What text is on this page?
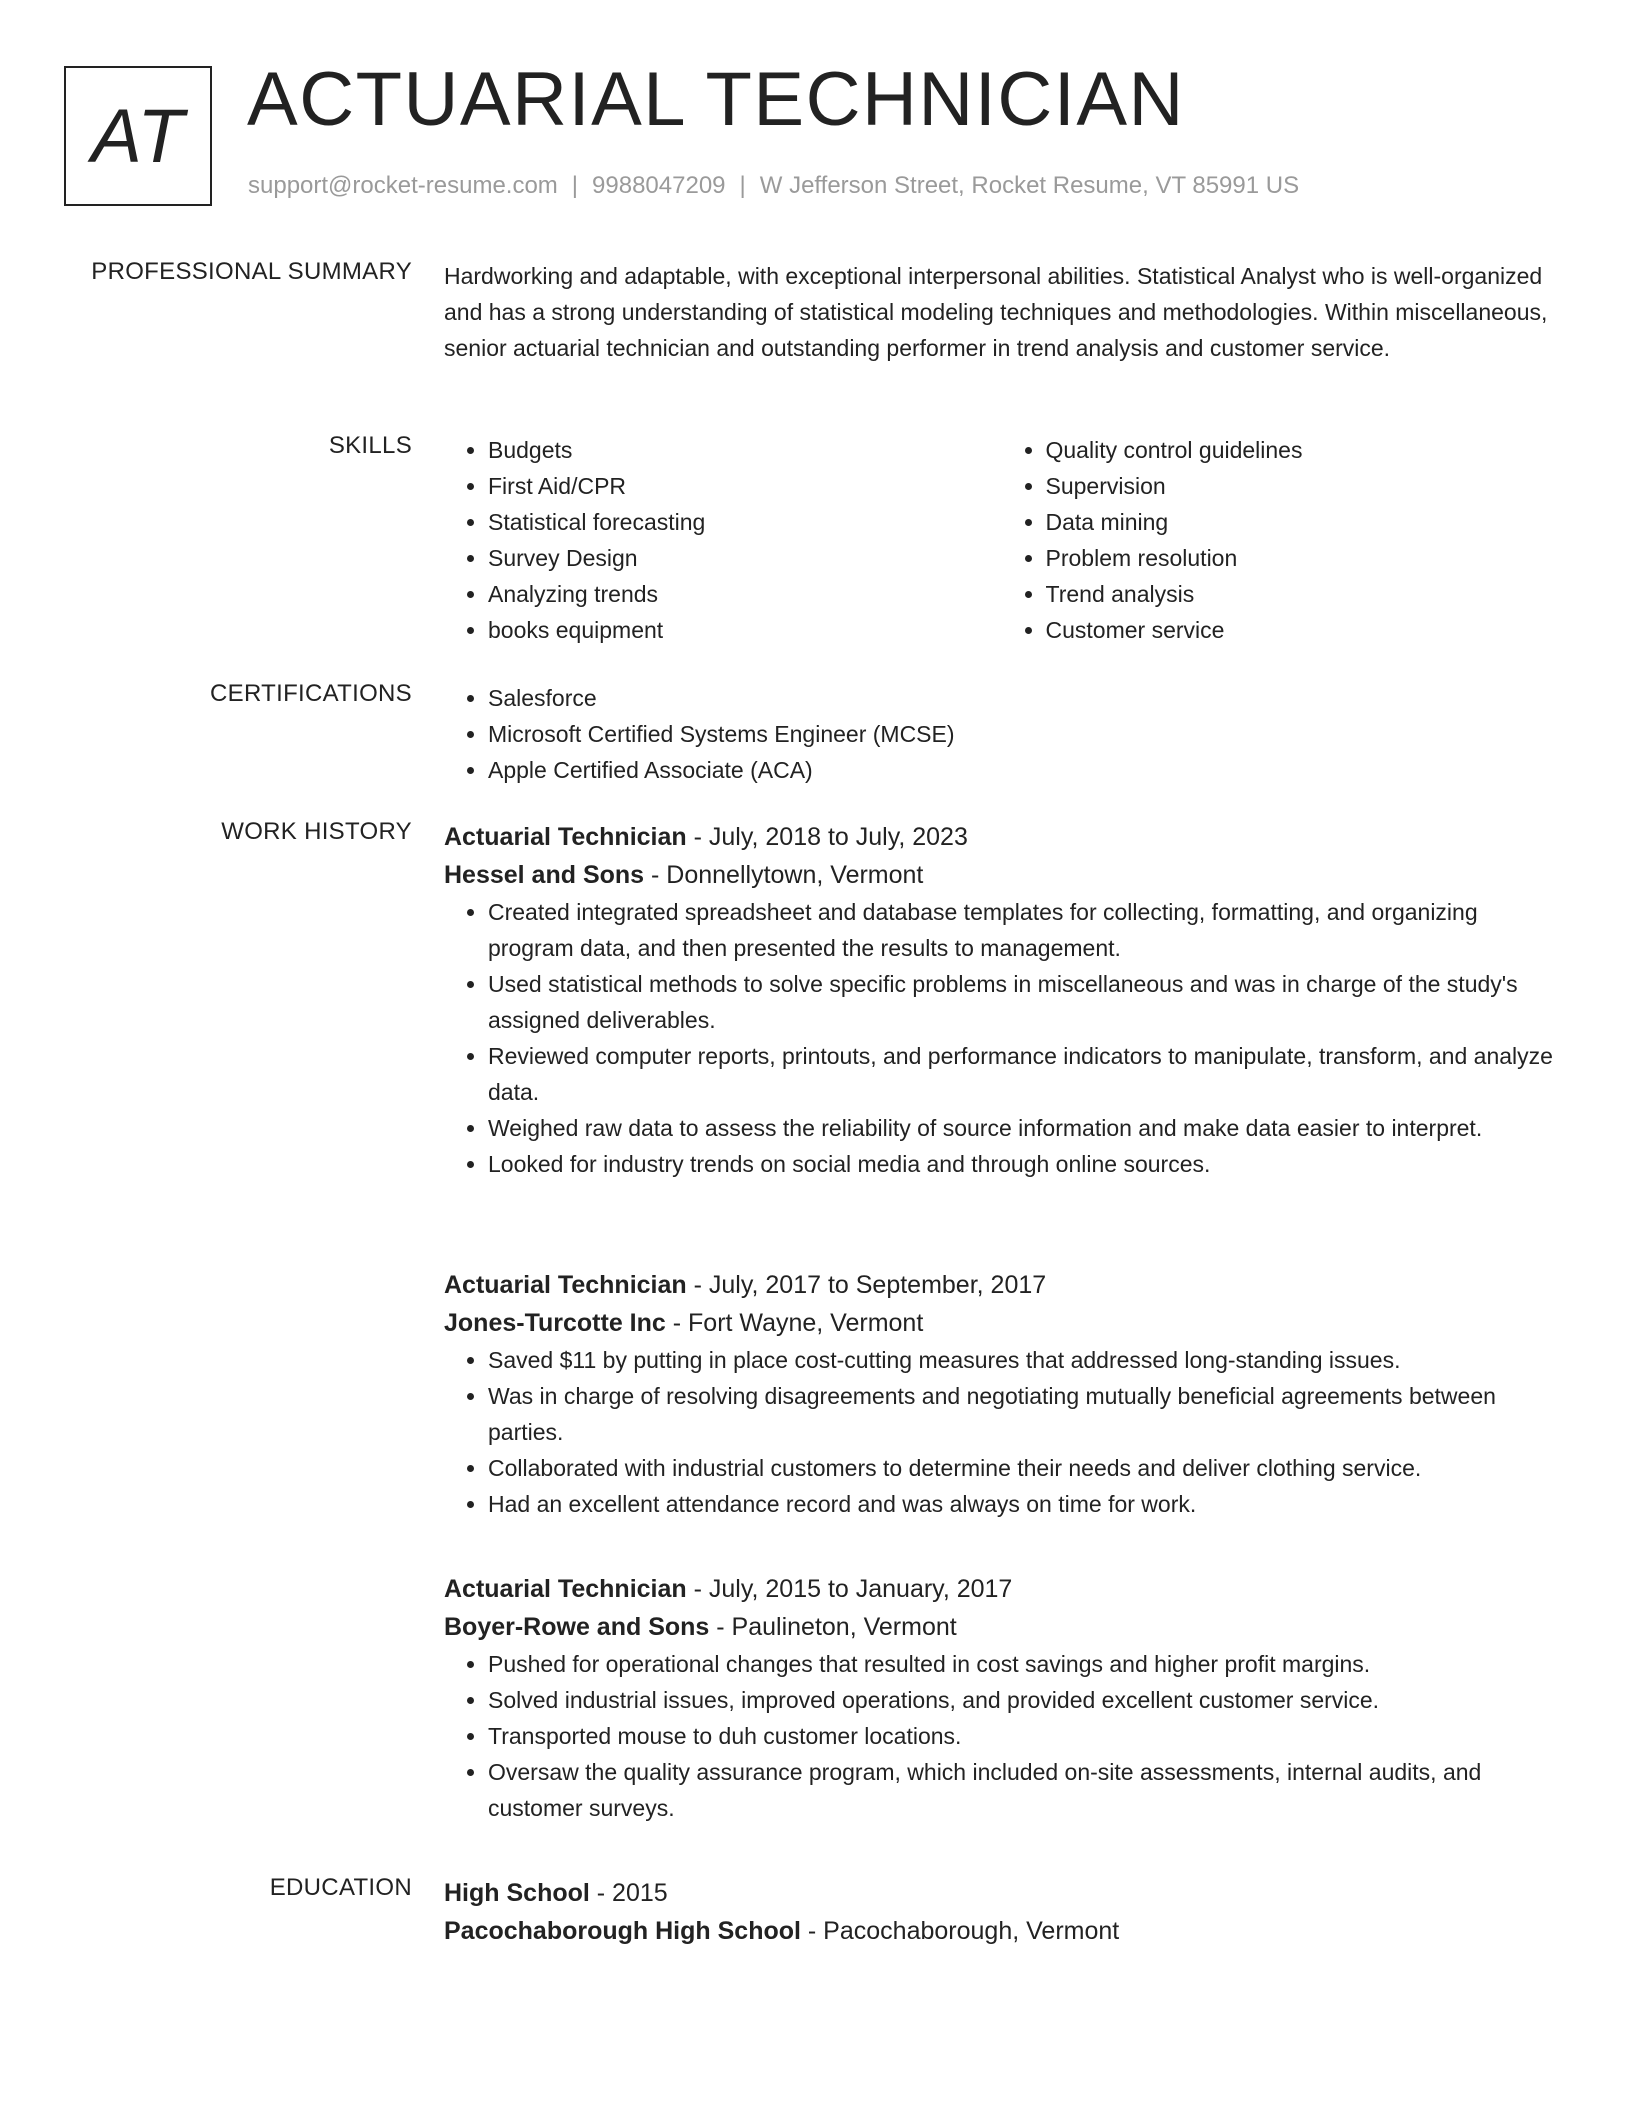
AT ACTUARIAL TECHNICIAN
support@rocket-resume.com | 9988047209 | W Jefferson Street, Rocket Resume, VT 85991 US
PROFESSIONAL SUMMARY Hardworking and adaptable, with exceptional interpersonal abilities. Statistical Analyst who is well-organized and has a strong understanding of statistical modeling techniques and methodologies. Within miscellaneous, senior actuarial technician and outstanding performer in trend analysis and customer service.

SKILLS	• Budgets
• First Aid/CPR
• Statistical forecasting
• Survey Design
• Analyzing trends
• books equipment
• Quality control guidelines
• Supervision
• Data mining
• Problem resolution
• Trend analysis
• Customer service
CERTIFICATIONS	• Salesforce
• Microsoft Certified Systems Engineer (MCSE)
• Apple Certified Associate (ACA)
WORK HISTORY Actuarial Technician - July, 2018 to July, 2023
Hessel and Sons - Donnellytown, Vermont
• Created integrated spreadsheet and database templates for collecting, formatting, and organizing program data, and then presented the results to management.
• Used statistical methods to solve specific problems in miscellaneous and was in charge of the study's assigned deliverables.
• Reviewed computer reports, printouts, and performance indicators to manipulate, transform, and analyze data.
• Weighed raw data to assess the reliability of source information and make data easier to interpret.
• Looked for industry trends on social media and through online sources.
Actuarial Technician - July, 2017 to September, 2017
Jones-Turcotte Inc - Fort Wayne, Vermont
• Saved $11 by putting in place cost-cutting measures that addressed long-standing issues.
• Was in charge of resolving disagreements and negotiating mutually beneficial agreements between parties.
• Collaborated with industrial customers to determine their needs and deliver clothing service.
• Had an excellent attendance record and was always on time for work.
Actuarial Technician - July, 2015 to January, 2017
Boyer-Rowe and Sons - Paulineton, Vermont
• Pushed for operational changes that resulted in cost savings and higher profit margins.
• Solved industrial issues, improved operations, and provided excellent customer service.
• Transported mouse to duh customer locations.
• Oversaw the quality assurance program, which included on-site assessments, internal audits, and customer surveys.
EDUCATION High School - 2015
Pacochaborough High School - Pacochaborough, Vermont
